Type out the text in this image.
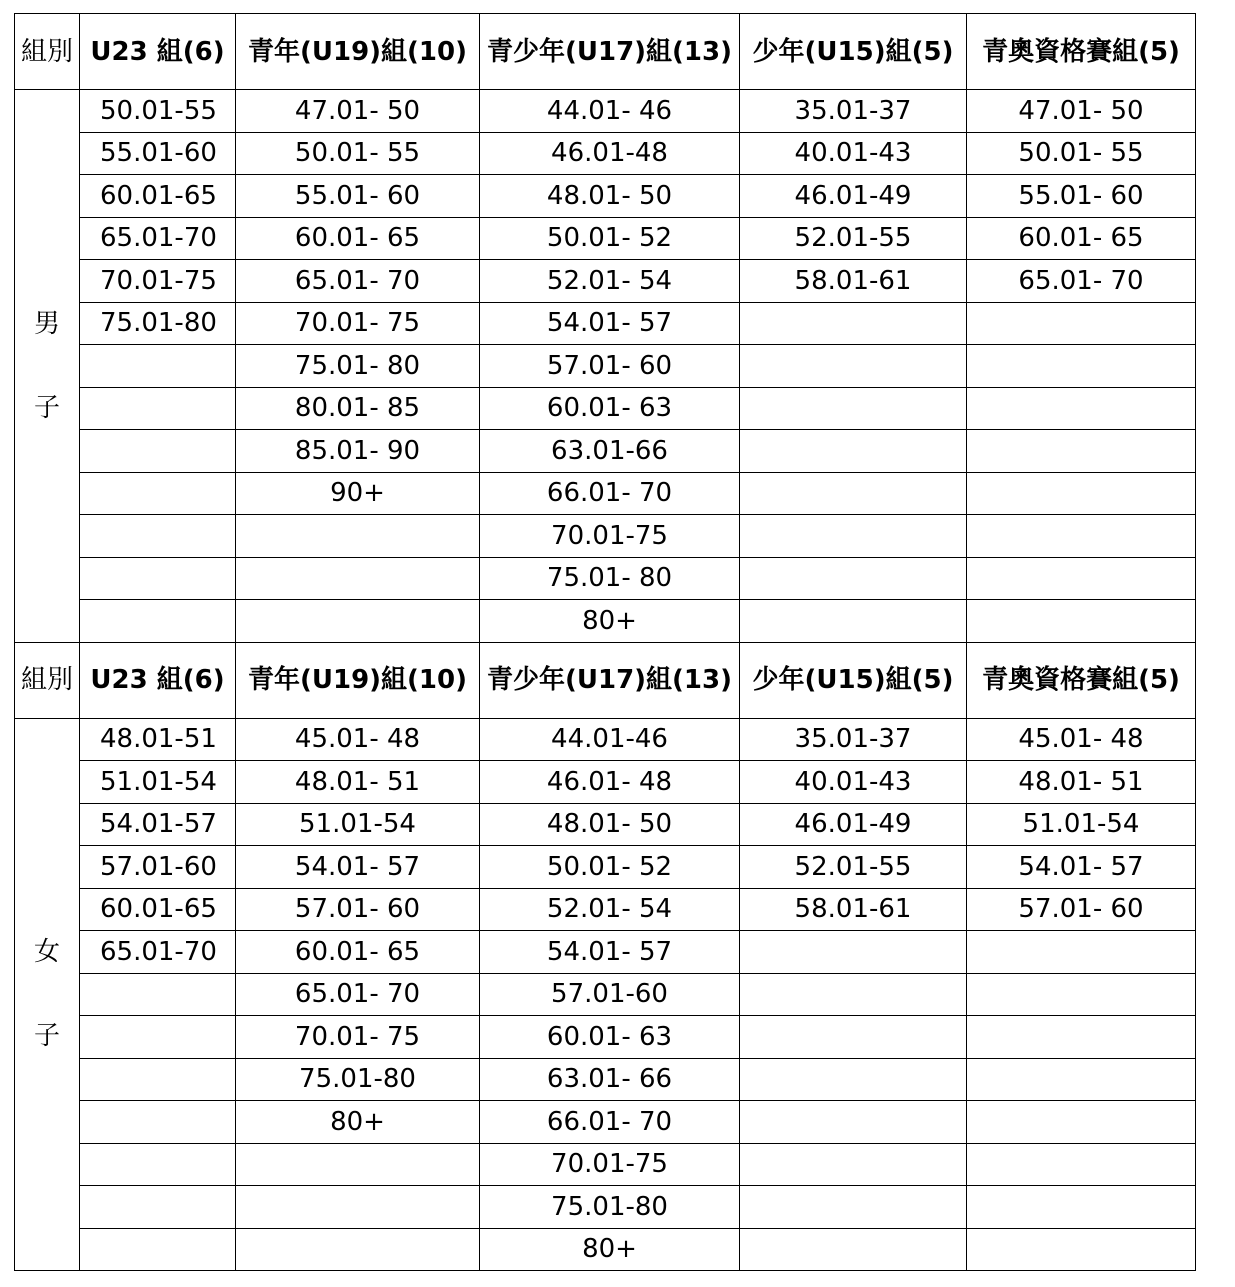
組別	U23 組(6)	青年(U19)組(10)	青少年(U17)組(13)	少年(U15)組(5)	青奧資格賽組(5)

男
子	50.01-55	47.01- 50	44.01- 46	35.01-37	47.01- 50
	55.01-60	50.01- 55	46.01-48	40.01-43	50.01- 55
	60.01-65	55.01- 60	48.01- 50	46.01-49	55.01- 60
	65.01-70	60.01- 65	50.01- 52	52.01-55	60.01- 65
	70.01-75	65.01- 70	52.01- 54	58.01-61	65.01- 70
	75.01-80	70.01- 75	54.01- 57		
		75.01- 80	57.01- 60		
		80.01- 85	60.01- 63		
		85.01- 90	63.01-66		
		90+	66.01- 70		
			70.01-75		
			75.01- 80		
			80+		
組別	U23 組(6)	青年(U19)組(10)	青少年(U17)組(13)	少年(U15)組(5)	青奧資格賽組(5)

女
子	48.01-51	45.01- 48	44.01-46	35.01-37	45.01- 48
	51.01-54	48.01- 51	46.01- 48	40.01-43	48.01- 51
	54.01-57	51.01-54	48.01- 50	46.01-49	51.01-54
	57.01-60	54.01- 57	50.01- 52	52.01-55	54.01- 57
	60.01-65	57.01- 60	52.01- 54	58.01-61	57.01- 60
	65.01-70	60.01- 65	54.01- 57		
		65.01- 70	57.01-60		
		70.01- 75	60.01- 63		
		75.01-80	63.01- 66		
		80+	66.01- 70		
			70.01-75		
			75.01-80		
			80+		
